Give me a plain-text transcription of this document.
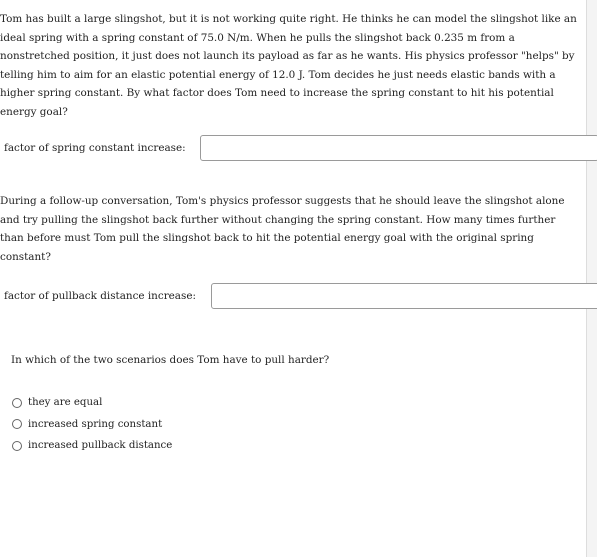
Tom has built a large slingshot, but it is not working quite right. He thinks he can model the slingshot like an ideal spring with a spring constant of 75.0 N/m. When he pulls the slingshot back 0.235 m from a nonstretched position, it just does not launch its payload as far as he wants. His physics professor "helps" by telling him to aim for an elastic potential energy of 12.0 J. Tom decides he just needs elastic bands with a higher spring constant. By what factor does Tom need to increase the spring constant to hit his potential energy goal?

factor of spring constant increase:

During a follow-up conversation, Tom's physics professor suggests that he should leave the slingshot alone and try pulling the slingshot back further without changing the spring constant. How many times further than before must Tom pull the slingshot back to hit the potential energy goal with the original spring constant?

factor of pullback distance increase:

In which of the two scenarios does Tom have to pull harder?

they are equal
increased spring constant
increased pullback distance
